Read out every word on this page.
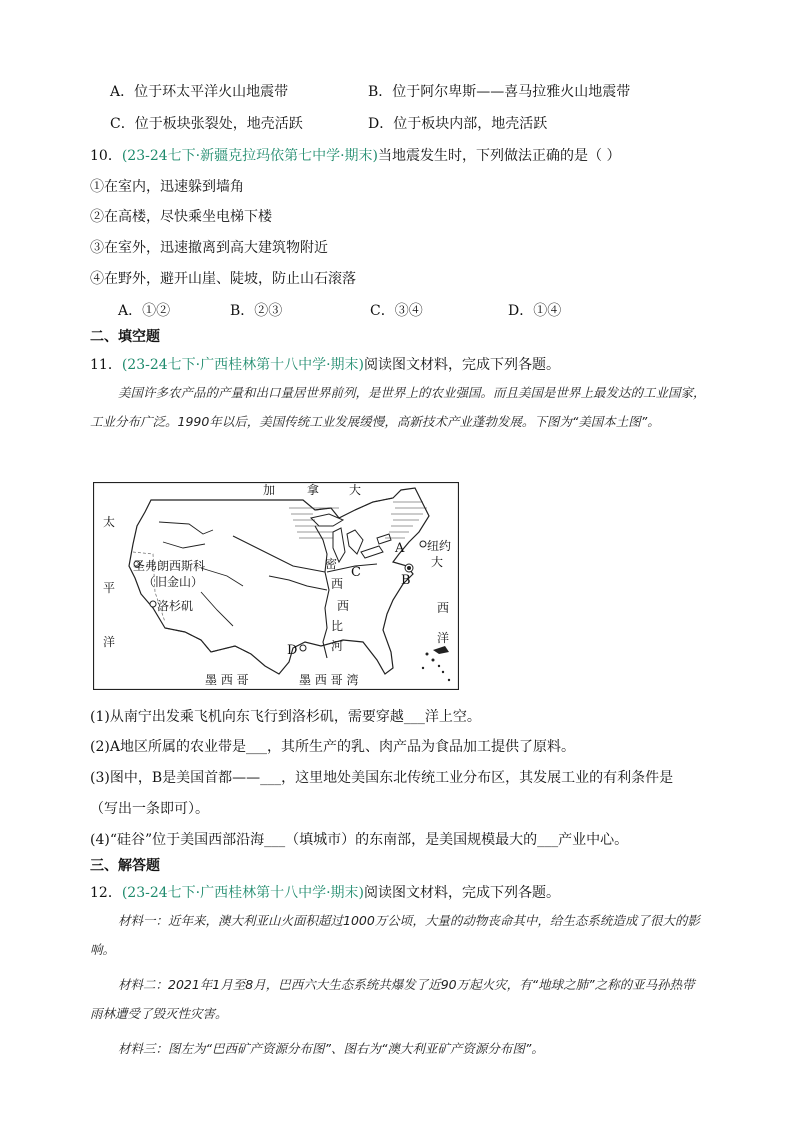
A．位于环太平洋火山地震带	B．位于阿尔卑斯——喜马拉雅火山地震带
C．位于板块张裂处，地壳活跃	D．位于板块内部，地壳活跃
10．(23-24七下·新疆克拉玛依第七中学·期末)当地震发生时，下列做法正确的是（ ）
①在室内，迅速躲到墙角
②在高楼，尽快乘坐电梯下楼
③在室外，迅速撤离到高大建筑物附近
④在野外，避开山崖、陡坡，防止山石滚落
A．①②	B．②③	C．③④	D．①④
二、填空题
11．(23-24七下·广西桂林第十八中学·期末)阅读图文材料，完成下列各题。
美国许多农产品的产量和出口量居世界前列，是世界上的农业强国。而且美国是世界上最发达的工业国家，工业分布广泛。1990年以后，美国传统工业发展缓慢，高新技术产业蓬勃发展。下图为“美国本土图”。
加	拿 大
太
平
洋
大
西
洋
墨 西 哥	墨 西 哥 湾
密
西
西
比
河
圣弗朗西斯科
（旧金山）
洛杉矶
纽约
A
B
C
D
(1)从南宁出发乘飞机向东飞行到洛杉矶，需要穿越___洋上空。
(2)A地区所属的农业带是___，其所生产的乳、肉产品为食品加工提供了原料。
(3)图中，B是美国首都——___，这里地处美国东北传统工业分布区，其发展工业的有利条件是
（写出一条即可）。
(4)“硅谷”位于美国西部沿海___（填城市）的东南部，是美国规模最大的___产业中心。
三、解答题
12．(23-24七下·广西桂林第十八中学·期末)阅读图文材料，完成下列各题。
材料一：近年来，澳大利亚山火面积超过1000万公顷，大量的动物丧命其中，给生态系统造成了很大的影响。
材料二：2021年1月至8月，巴西六大生态系统共爆发了近90万起火灾，有“地球之肺”之称的亚马孙热带雨林遭受了毁灭性灾害。
材料三：图左为“巴西矿产资源分布图”、图右为“澳大利亚矿产资源分布图”。
